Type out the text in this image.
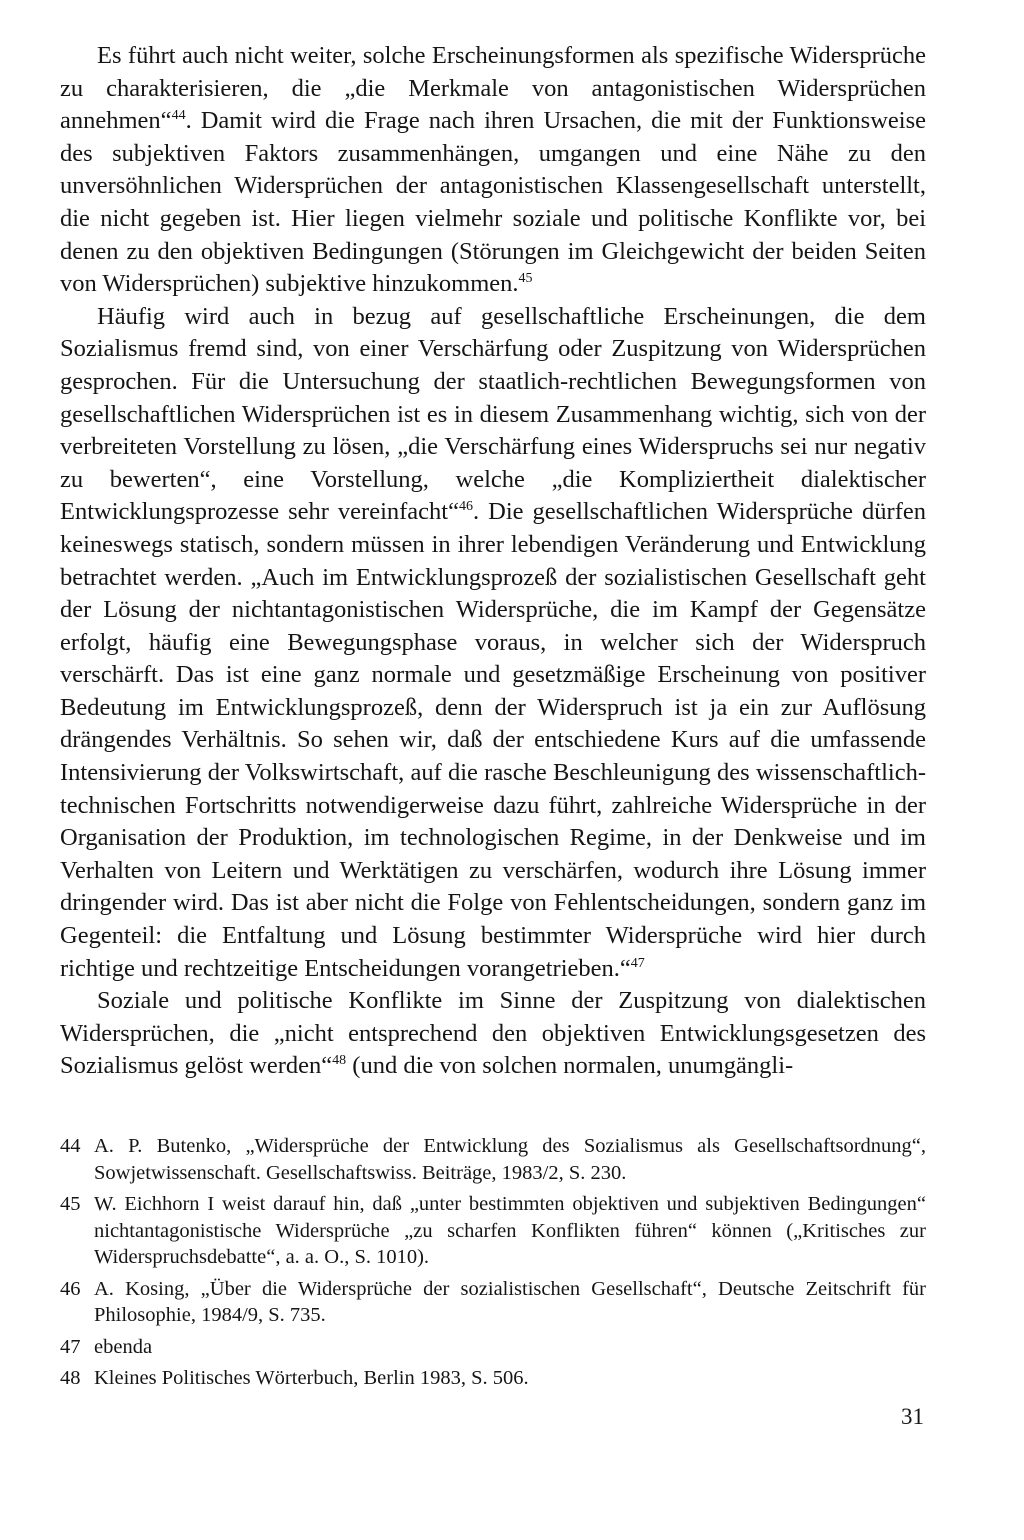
Es führt auch nicht weiter, solche Erscheinungsformen als spezifische Widersprüche zu charakterisieren, die „die Merkmale von antagonistischen Widersprüchen annehmen“$^{44}$. Damit wird die Frage nach ihren Ursachen, die mit der Funktionsweise des subjektiven Faktors zusammenhängen, umgangen und eine Nähe zu den unversöhnlichen Widersprüchen der antagonistischen Klassengesellschaft unterstellt, die nicht gegeben ist. Hier liegen vielmehr soziale und politische Konflikte vor, bei denen zu den objektiven Bedingungen (Störungen im Gleichgewicht der beiden Seiten von Widersprüchen) subjektive hinzukommen.$^{45}$

Häufig wird auch in bezug auf gesellschaftliche Erscheinungen, die dem Sozialismus fremd sind, von einer Verschärfung oder Zuspitzung von Widersprüchen gesprochen. Für die Untersuchung der staatlich-rechtlichen Bewegungsformen von gesellschaftlichen Widersprüchen ist es in diesem Zusammenhang wichtig, sich von der verbreiteten Vorstellung zu lösen, „die Verschärfung eines Widerspruchs sei nur negativ zu bewerten“, eine Vorstellung, welche „die Kompliziertheit dialektischer Entwicklungsprozesse sehr vereinfacht“$^{46}$. Die gesellschaftlichen Widersprüche dürfen keineswegs statisch, sondern müssen in ihrer lebendigen Veränderung und Entwicklung betrachtet werden. „Auch im Entwicklungsprozeß der sozialistischen Gesellschaft geht der Lösung der nichtantagonistischen Widersprüche, die im Kampf der Gegensätze erfolgt, häufig eine Bewegungsphase voraus, in welcher sich der Widerspruch verschärft. Das ist eine ganz normale und gesetzmäßige Erscheinung von positiver Bedeutung im Entwicklungsprozeß, denn der Widerspruch ist ja ein zur Auflösung drängendes Verhältnis. So sehen wir, daß der entschiedene Kurs auf die umfassende Intensivierung der Volkswirtschaft, auf die rasche Beschleunigung des wissenschaftlich-technischen Fortschritts notwendigerweise dazu führt, zahlreiche Widersprüche in der Organisation der Produktion, im technologischen Regime, in der Denkweise und im Verhalten von Leitern und Werktätigen zu verschärfen, wodurch ihre Lösung immer dringender wird. Das ist aber nicht die Folge von Fehlentscheidungen, sondern ganz im Gegenteil: die Entfaltung und Lösung bestimmter Widersprüche wird hier durch richtige und rechtzeitige Entscheidungen vorangetrieben.“$^{47}$

Soziale und politische Konflikte im Sinne der Zuspitzung von dialektischen Widersprüchen, die „nicht entsprechend den objektiven Entwicklungsgesetzen des Sozialismus gelöst werden“$^{48}$ (und die von solchen normalen, unumgängli-

44 A. P. Butenko, „Widersprüche der Entwicklung des Sozialismus als Gesellschaftsordnung“, Sowjetwissenschaft. Gesellschaftswiss. Beiträge, 1983/2, S. 230.
45 W. Eichhorn I weist darauf hin, daß „unter bestimmten objektiven und subjektiven Bedingungen“ nichtantagonistische Widersprüche „zu scharfen Konflikten führen“ können („Kritisches zur Widerspruchsdebatte“, a. a. O., S. 1010).
46 A. Kosing, „Über die Widersprüche der sozialistischen Gesellschaft“, Deutsche Zeitschrift für Philosophie, 1984/9, S. 735.
47 ebenda
48 Kleines Politisches Wörterbuch, Berlin 1983, S. 506.
31
